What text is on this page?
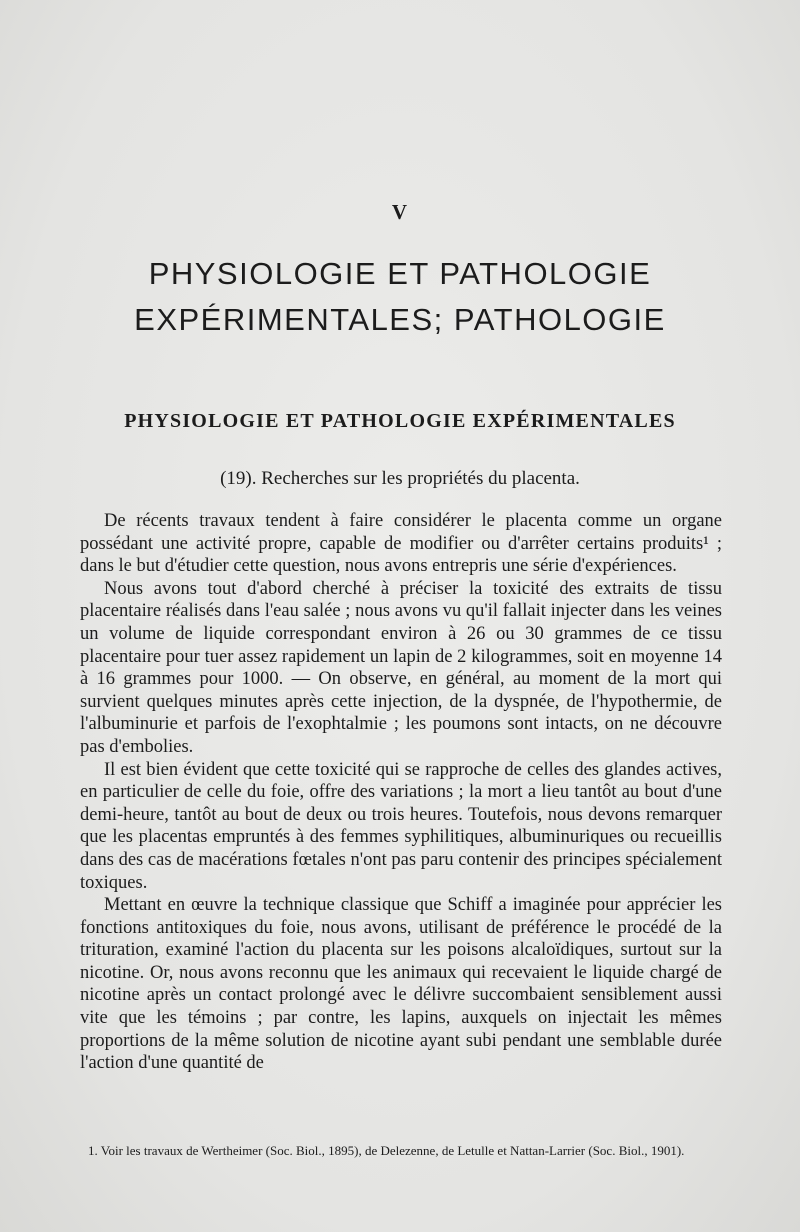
V
PHYSIOLOGIE ET PATHOLOGIE
EXPÉRIMENTALES; PATHOLOGIE
PHYSIOLOGIE ET PATHOLOGIE EXPÉRIMENTALES
(19). Recherches sur les propriétés du placenta.

De récents travaux tendent à faire considérer le placenta comme un organe possédant une activité propre, capable de modifier ou d'arrêter certains produits¹ ; dans le but d'étudier cette question, nous avons entrepris une série d'expériences.

Nous avons tout d'abord cherché à préciser la toxicité des extraits de tissu placentaire réalisés dans l'eau salée ; nous avons vu qu'il fallait injecter dans les veines un volume de liquide correspondant environ à 26 ou 30 grammes de ce tissu placentaire pour tuer assez rapidement un lapin de 2 kilogrammes, soit en moyenne 14 à 16 grammes pour 1000. — On observe, en général, au moment de la mort qui survient quelques minutes après cette injection, de la dyspnée, de l'hypothermie, de l'albuminurie et parfois de l'exophtalmie ; les poumons sont intacts, on ne découvre pas d'embolies.

Il est bien évident que cette toxicité qui se rapproche de celles des glandes actives, en particulier de celle du foie, offre des variations ; la mort a lieu tantôt au bout d'une demi-heure, tantôt au bout de deux ou trois heures. Toutefois, nous devons remarquer que les placentas empruntés à des femmes syphilitiques, albuminuriques ou recueillis dans des cas de macérations fœtales n'ont pas paru contenir des principes spécialement toxiques.

Mettant en œuvre la technique classique que Schiff a imaginée pour apprécier les fonctions antitoxiques du foie, nous avons, utilisant de préférence le procédé de la trituration, examiné l'action du placenta sur les poisons alcaloïdiques, surtout sur la nicotine. Or, nous avons reconnu que les animaux qui recevaient le liquide chargé de nicotine après un contact prolongé avec le délivre succombaient sensiblement aussi vite que les témoins ; par contre, les lapins, auxquels on injectait les mêmes proportions de la même solution de nicotine ayant subi pendant une semblable durée l'action d'une quantité de

1. Voir les travaux de Wertheimer (Soc. Biol., 1895), de Delezenne, de Letulle et Nattan-Larrier (Soc. Biol., 1901).
